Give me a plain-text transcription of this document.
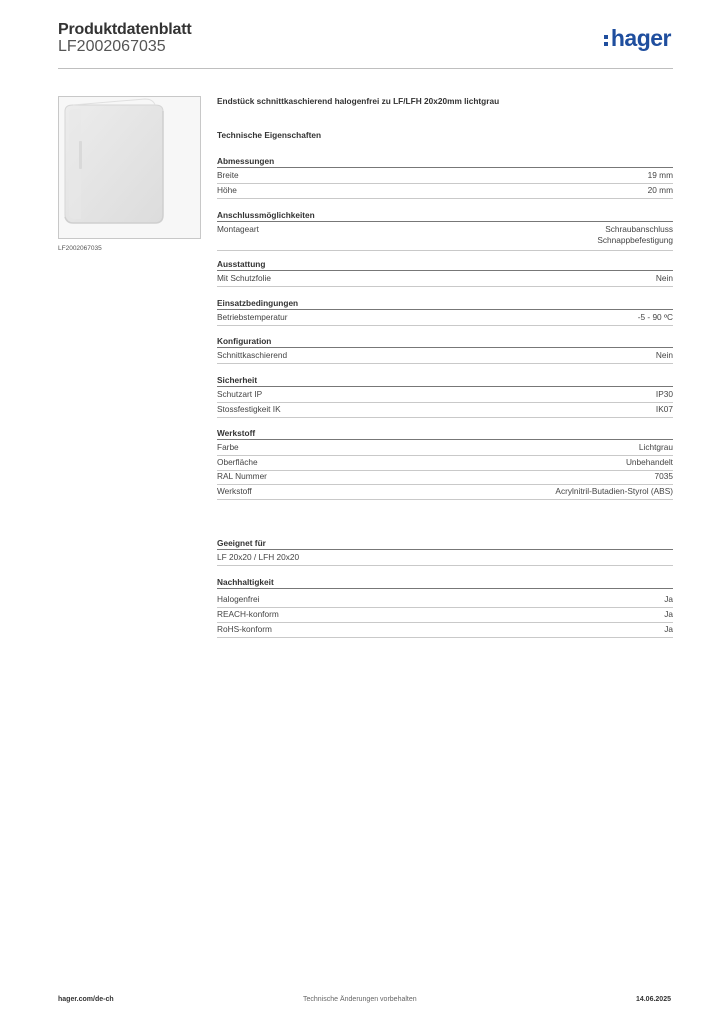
Produktdatenblatt
LF2002067035	hager
LF2002067035
Endstück schnittkaschierend halogenfrei zu LF/LFH 20x20mm lichtgrau
Technische Eigenschaften
Abmessungen
Breite	19 mm
Höhe	20 mm
Anschlussmöglichkeiten
Montageart	Schraubanschluss
Schnappbefestigung
Ausstattung
Mit Schutzfolie	Nein
Einsatzbedingungen
Betriebstemperatur	-5 - 90 ºC
Konfiguration
Schnittkaschierend	Nein
Sicherheit
Schutzart IP	IP30
Stossfestigkeit IK	IK07
Werkstoff
Farbe	Lichtgrau
Oberfläche	Unbehandelt
RAL Nummer	7035
Werkstoff	Acrylnitril-Butadien-Styrol (ABS)
Geeignet für
LF 20x20 / LFH 20x20
Nachhaltigkeit
Halogenfrei	Ja
REACH-konform	Ja
RoHS-konform	Ja
hager.com/de-ch	Technische Änderungen vorbehalten	14.06.2025
